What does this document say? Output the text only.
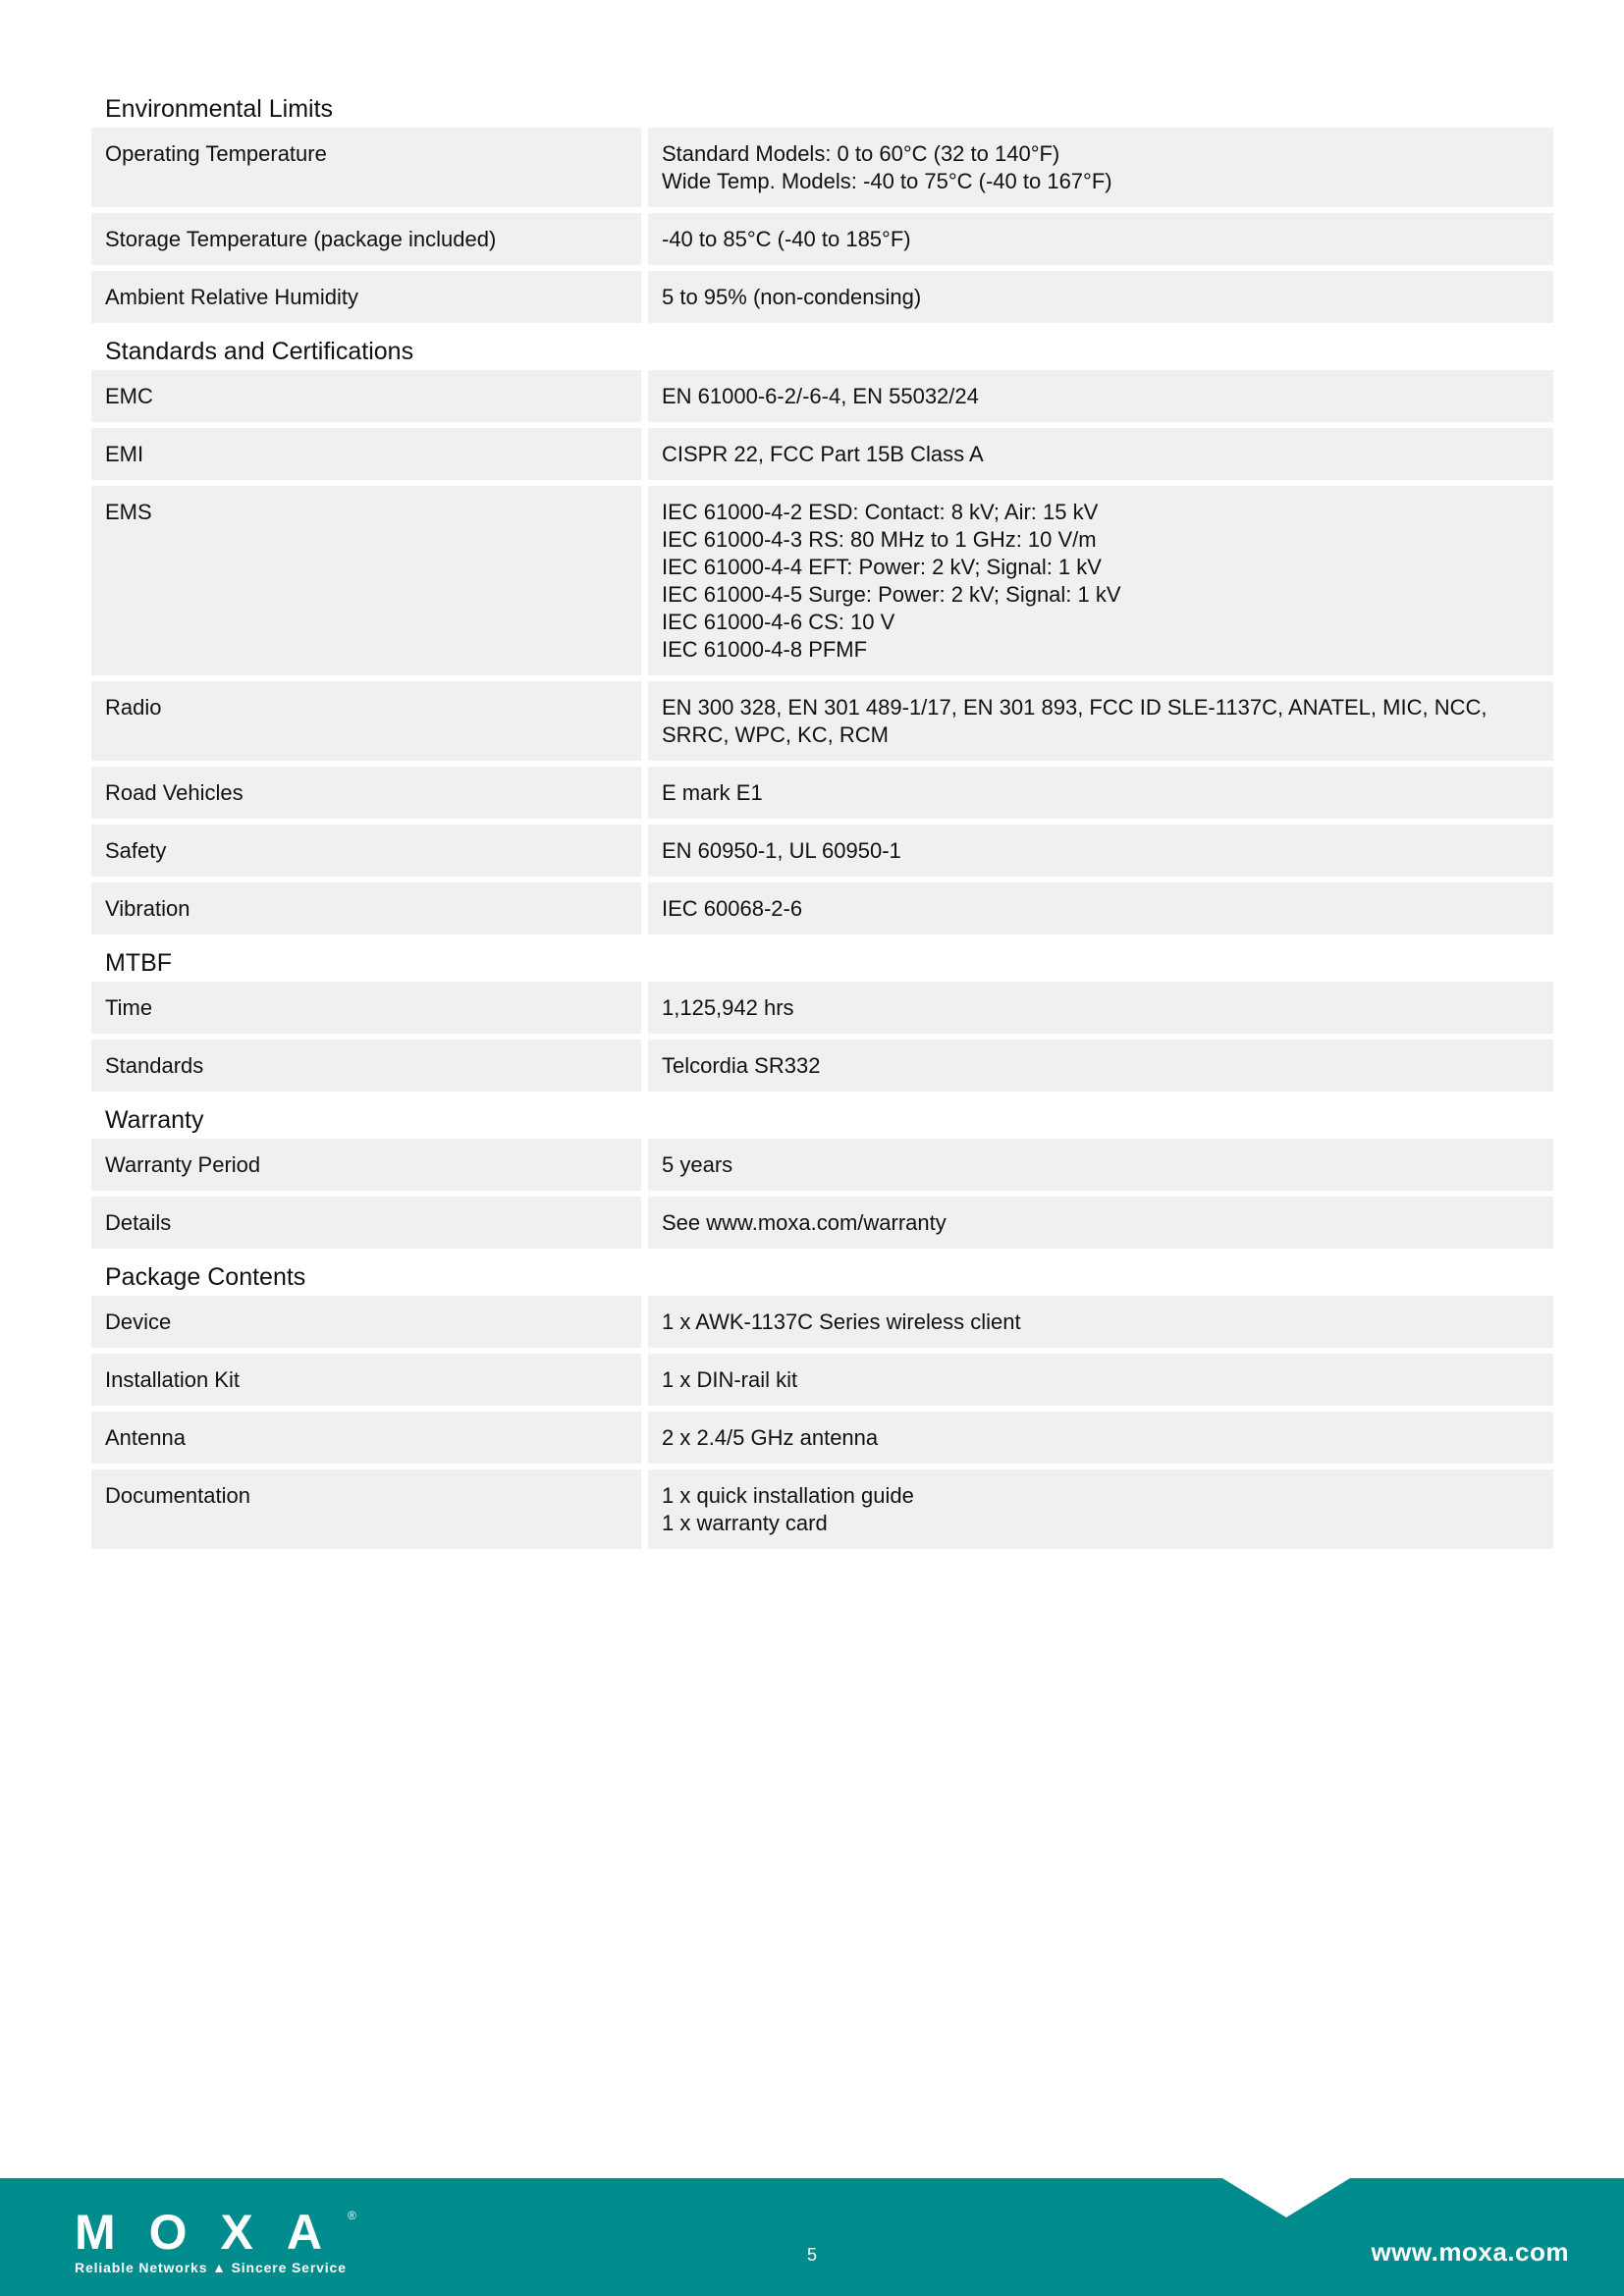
Environmental Limits
Operating Temperature	Standard Models: 0 to 60°C (32 to 140°F)
Wide Temp. Models: -40 to 75°C (-40 to 167°F)
Storage Temperature (package included)	-40 to 85°C (-40 to 185°F)
Ambient Relative Humidity	5 to 95% (non-condensing)
Standards and Certifications
EMC	EN 61000-6-2/-6-4, EN 55032/24
EMI	CISPR 22, FCC Part 15B Class A
EMS	IEC 61000-4-2 ESD: Contact: 8 kV; Air: 15 kV
IEC 61000-4-3 RS: 80 MHz to 1 GHz: 10 V/m
IEC 61000-4-4 EFT: Power: 2 kV; Signal: 1 kV
IEC 61000-4-5 Surge: Power: 2 kV; Signal: 1 kV
IEC 61000-4-6 CS: 10 V
IEC 61000-4-8 PFMF
Radio	EN 300 328, EN 301 489-1/17, EN 301 893, FCC ID SLE-1137C, ANATEL, MIC, NCC,
SRRC, WPC, KC, RCM
Road Vehicles	E mark E1
Safety	EN 60950-1, UL 60950-1
Vibration	IEC 60068-2-6
MTBF
Time	1,125,942 hrs
Standards	Telcordia SR332
Warranty
Warranty Period	5 years
Details	See www.moxa.com/warranty
Package Contents
Device	1 x AWK-1137C Series wireless client
Installation Kit	1 x DIN-rail kit
Antenna	2 x 2.4/5 GHz antenna
Documentation	1 x quick installation guide
1 x warranty card
MOXA ®
Reliable Networks ▲ Sincere Service
5	www.moxa.com
